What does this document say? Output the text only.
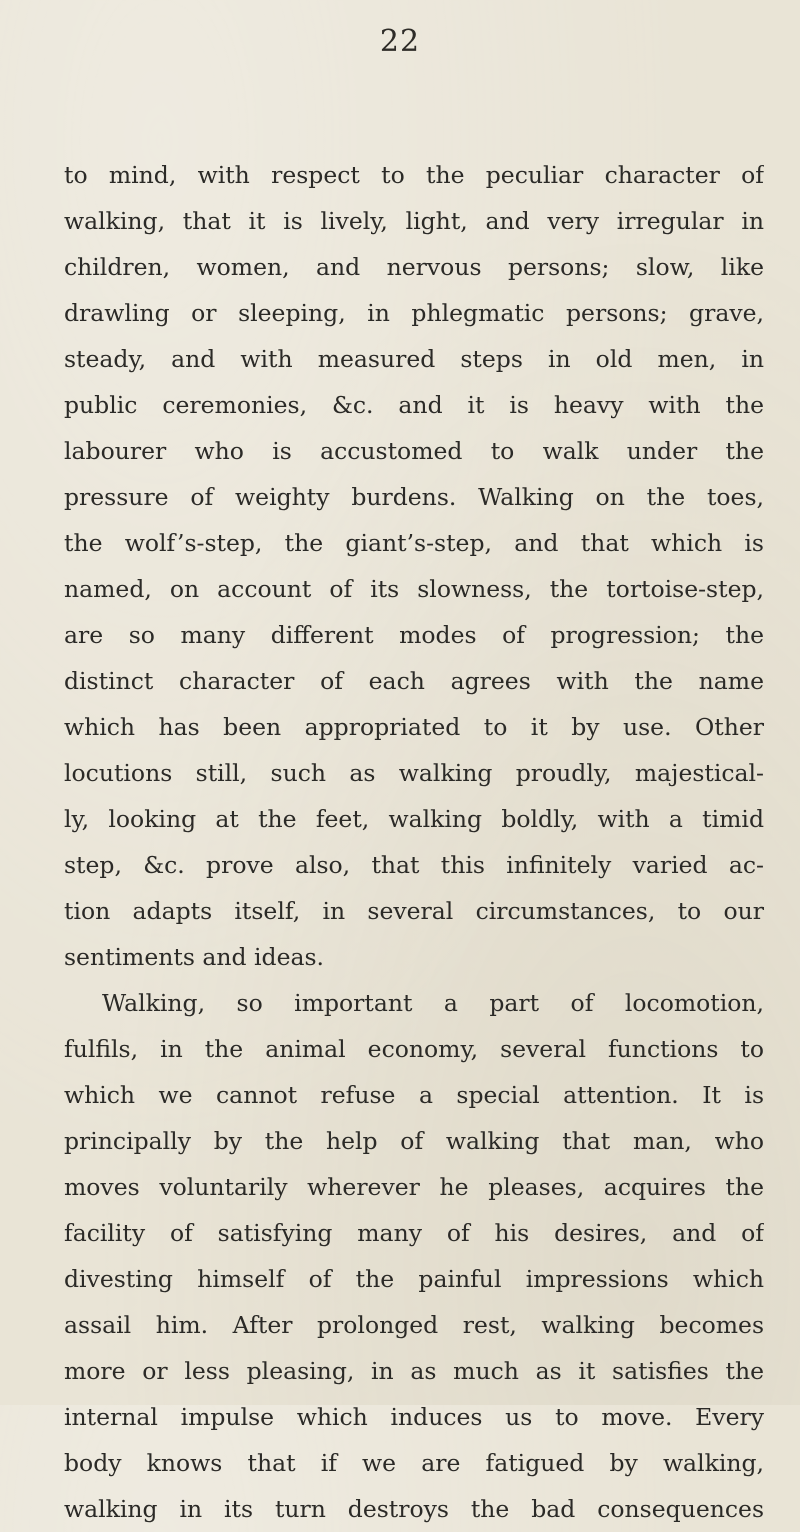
22
to mind, with respect to the peculiar character of
walking, that it is lively, light, and very irregular in
children, women, and nervous persons; slow, like
drawling or sleeping, in phlegmatic persons; grave,
steady, and with measured steps in old men, in
public ceremonies, &c. and it is heavy with the
labourer who is accustomed to walk under the
pressure of weighty burdens. Walking on the toes,
the wolf’s-step, the giant’s-step, and that which is
named, on account of its slowness, the tortoise-step,
are so many different modes of progression; the
distinct character of each agrees with the name
which has been appropriated to it by use. Other
locutions still, such as walking proudly, majestical-
ly, looking at the feet, walking boldly, with a timid
step, &c. prove also, that this infinitely varied ac-
tion adapts itself, in several circumstances, to our
sentiments and ideas.
Walking, so important a part of locomotion,
fulfils, in the animal economy, several functions to
which we cannot refuse a special attention. It is
principally by the help of walking that man, who
moves voluntarily wherever he pleases, acquires the
facility of satisfying many of his desires, and of
divesting himself of the painful impressions which
assail him. After prolonged rest, walking becomes
more or less pleasing, in as much as it satisfies the
internal impulse which induces us to move. Every
body knows that if we are fatigued by walking,
walking in its turn destroys the bad consequences
